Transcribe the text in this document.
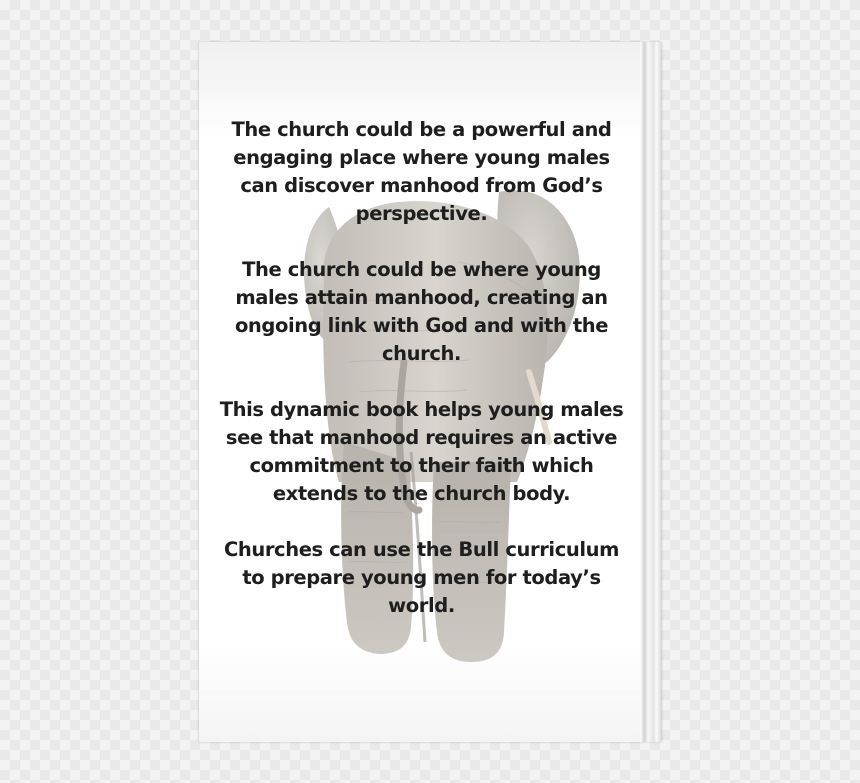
The church could be a powerful and engaging place where young males can discover manhood from God’s perspective.

The church could be where young males attain manhood, creating an ongoing link with God and with the church.

This dynamic book helps young males see that manhood requires an active commitment to their faith which extends to the church body.

Churches can use the Bull curriculum to prepare young men for today’s world.
